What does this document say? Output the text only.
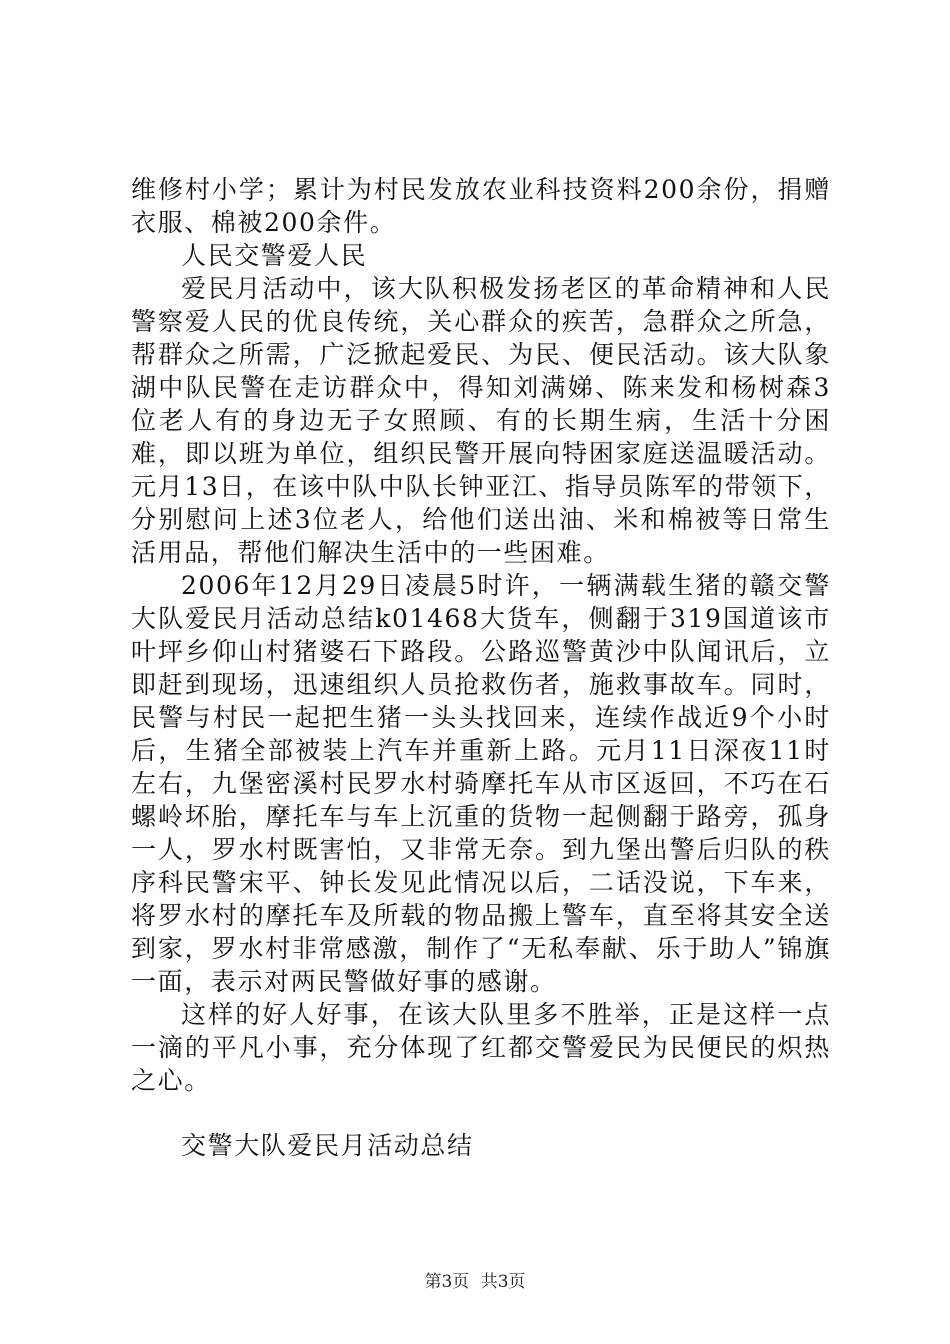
维修村小学；累计为村民发放农业科技资料200余份，捐赠衣服、棉被200余件。

人民交警爱人民

爱民月活动中，该大队积极发扬老区的革命精神和人民警察爱人民的优良传统，关心群众的疾苦，急群众之所急，帮群众之所需，广泛掀起爱民、为民、便民活动。该大队象湖中队民警在走访群众中，得知刘满娣、陈来发和杨树森3位老人有的身边无子女照顾、有的长期生病，生活十分困难，即以班为单位，组织民警开展向特困家庭送温暖活动。元月13日，在该中队中队长钟亚江、指导员陈军的带领下，分别慰问上述3位老人，给他们送出油、米和棉被等日常生活用品，帮他们解决生活中的一些困难。

2006年12月29日凌晨5时许，一辆满载生猪的赣交警大队爱民月活动总结k01468大货车，侧翻于319国道该市叶坪乡仰山村猪婆石下路段。公路巡警黄沙中队闻讯后，立即赶到现场，迅速组织人员抢救伤者，施救事故车。同时，民警与村民一起把生猪一头头找回来，连续作战近9个小时后，生猪全部被装上汽车并重新上路。元月11日深夜11时左右，九堡密溪村民罗水村骑摩托车从市区返回，不巧在石螺岭坏胎，摩托车与车上沉重的货物一起侧翻于路旁，孤身一人，罗水村既害怕，又非常无奈。到九堡出警后归队的秩序科民警宋平、钟长发见此情况以后，二话没说，下车来，将罗水村的摩托车及所载的物品搬上警车，直至将其安全送到家，罗水村非常感激，制作了“无私奉献、乐于助人”锦旗一面，表示对两民警做好事的感谢。

这样的好人好事，在该大队里多不胜举，正是这样一点一滴的平凡小事，充分体现了红都交警爱民为民便民的炽热之心。

交警大队爱民月活动总结

第3页 共3页
